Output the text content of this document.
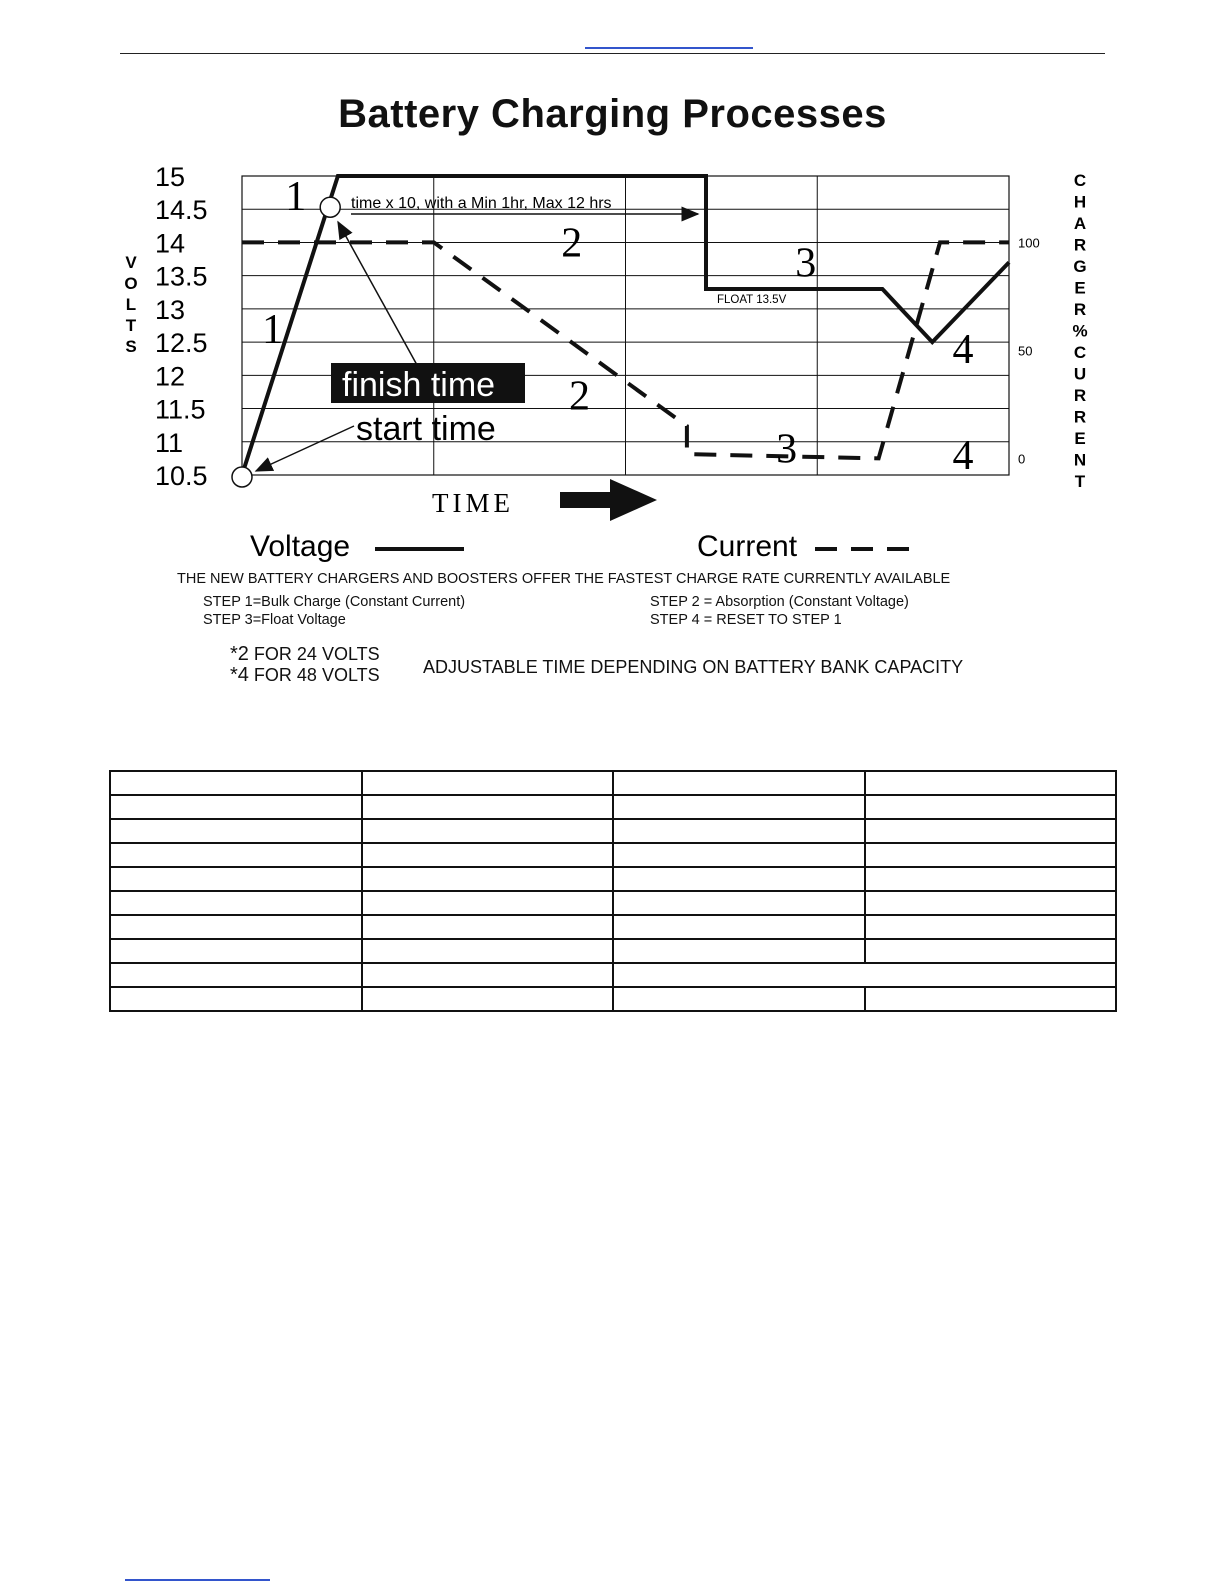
Battery Charging Processes
15
14.5
14
13.5
13
12.5
12
11.5
11
10.5
100
50
0
V
O
L
T
S
C
H
A
R
G
E
R
%
C
U
R
R
E
N
T
1
1
2
2
3
3
4
4
time x 10, with a Min 1hr, Max 12 hrs
FLOAT 13.5V
finish time
start time
TIME
Voltage	Current
THE NEW BATTERY CHARGERS AND BOOSTERS OFFER THE FASTEST CHARGE RATE CURRENTLY AVAILABLE
STEP 1=Bulk Charge (Constant Current)	STEP 2 = Absorption (Constant Voltage)
STEP 3=Float Voltage	STEP 4 = RESET TO STEP 1
*2 FOR 24 VOLTS
*4 FOR 48 VOLTS ADJUSTABLE TIME DEPENDING ON BATTERY BANK CAPACITY
